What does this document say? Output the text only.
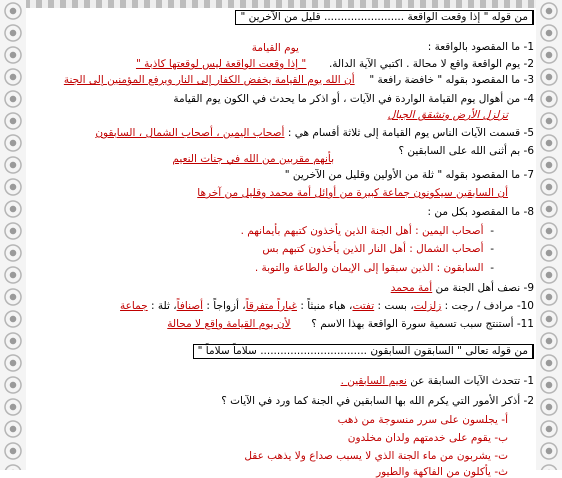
من قوله " إذا وقعت الواقعة ........................ قليل من الآخرين "
1- ما المقصود بالواقعة :
يوم القيامة
2- يوم الواقعة واقع لا محالة . اكتبي الآية الدالة.  " إذا وقعت الواقعة ليس لوقعتها كاذبة "
3- ما المقصود بقوله " خافضة رافعة "  أن الله يوم القيامة يخفض الكفار إلى النار ويرفع المؤمنين إلى الجنة
4- من أهوال يوم القيامة الواردة في الآيات ، أو اذكر ما يحدث في الكون يوم القيامة
تزلزل الأرض وتشقق الجبال
5- قسمت الآيات الناس يوم القيامة إلى ثلاثة أقسام هي : أصحاب اليمين ، أصحاب الشمال ، السابقون
6- بم أثنى الله على السابقين ؟
بأنهم مقربين من الله في جنات النعيم
7- ما المقصود بقوله " ثلة من الأولين وقليل من الآخرين "
أن السابقين سيكونون جماعة كبيرة من أوائل أمة محمد وقليل من آخرها
8- ما المقصود بكل من :
-  أصحاب اليمين : أهل الجنة الذين يأخذون كتبهم بأيمانهم .
-  أصحاب الشمال : أهل النار الذين يأخذون كتبهم بس
-  السابقون : الذين سبقوا إلى الإيمان والطاعة والتوبة .
9- نصف أهل الجنة من أمة محمد
10- مرادف / رجت : زلزلت، بست : تفتت، هباء منبثاً : غباراً متفرقاً، أزواجاً : أصنافاً، ثلة : جماعة
11- أستنتج سبب تسمية سورة الواقعة بهذا الاسم ؟  لأن يوم القيامة واقع لا محالة
من قوله تعالى " السابقون السابقون ................................ سلاماً سلاماً "
1- تتحدث الآيات السابقة عن نعيم السابقين .
2- أذكر الأمور التي يكرم الله بها السابقين في الجنة كما ورد في الآيات ؟
أ- يجلسون على سرر منسوجة من ذهب
ب- يقوم على خدمتهم ولدان مخلدون
ت- يشربون من ماء الجنة الذي لا يسبب صداع ولا يذهب عقل
ث- يأكلون من الفاكهة والطيور
